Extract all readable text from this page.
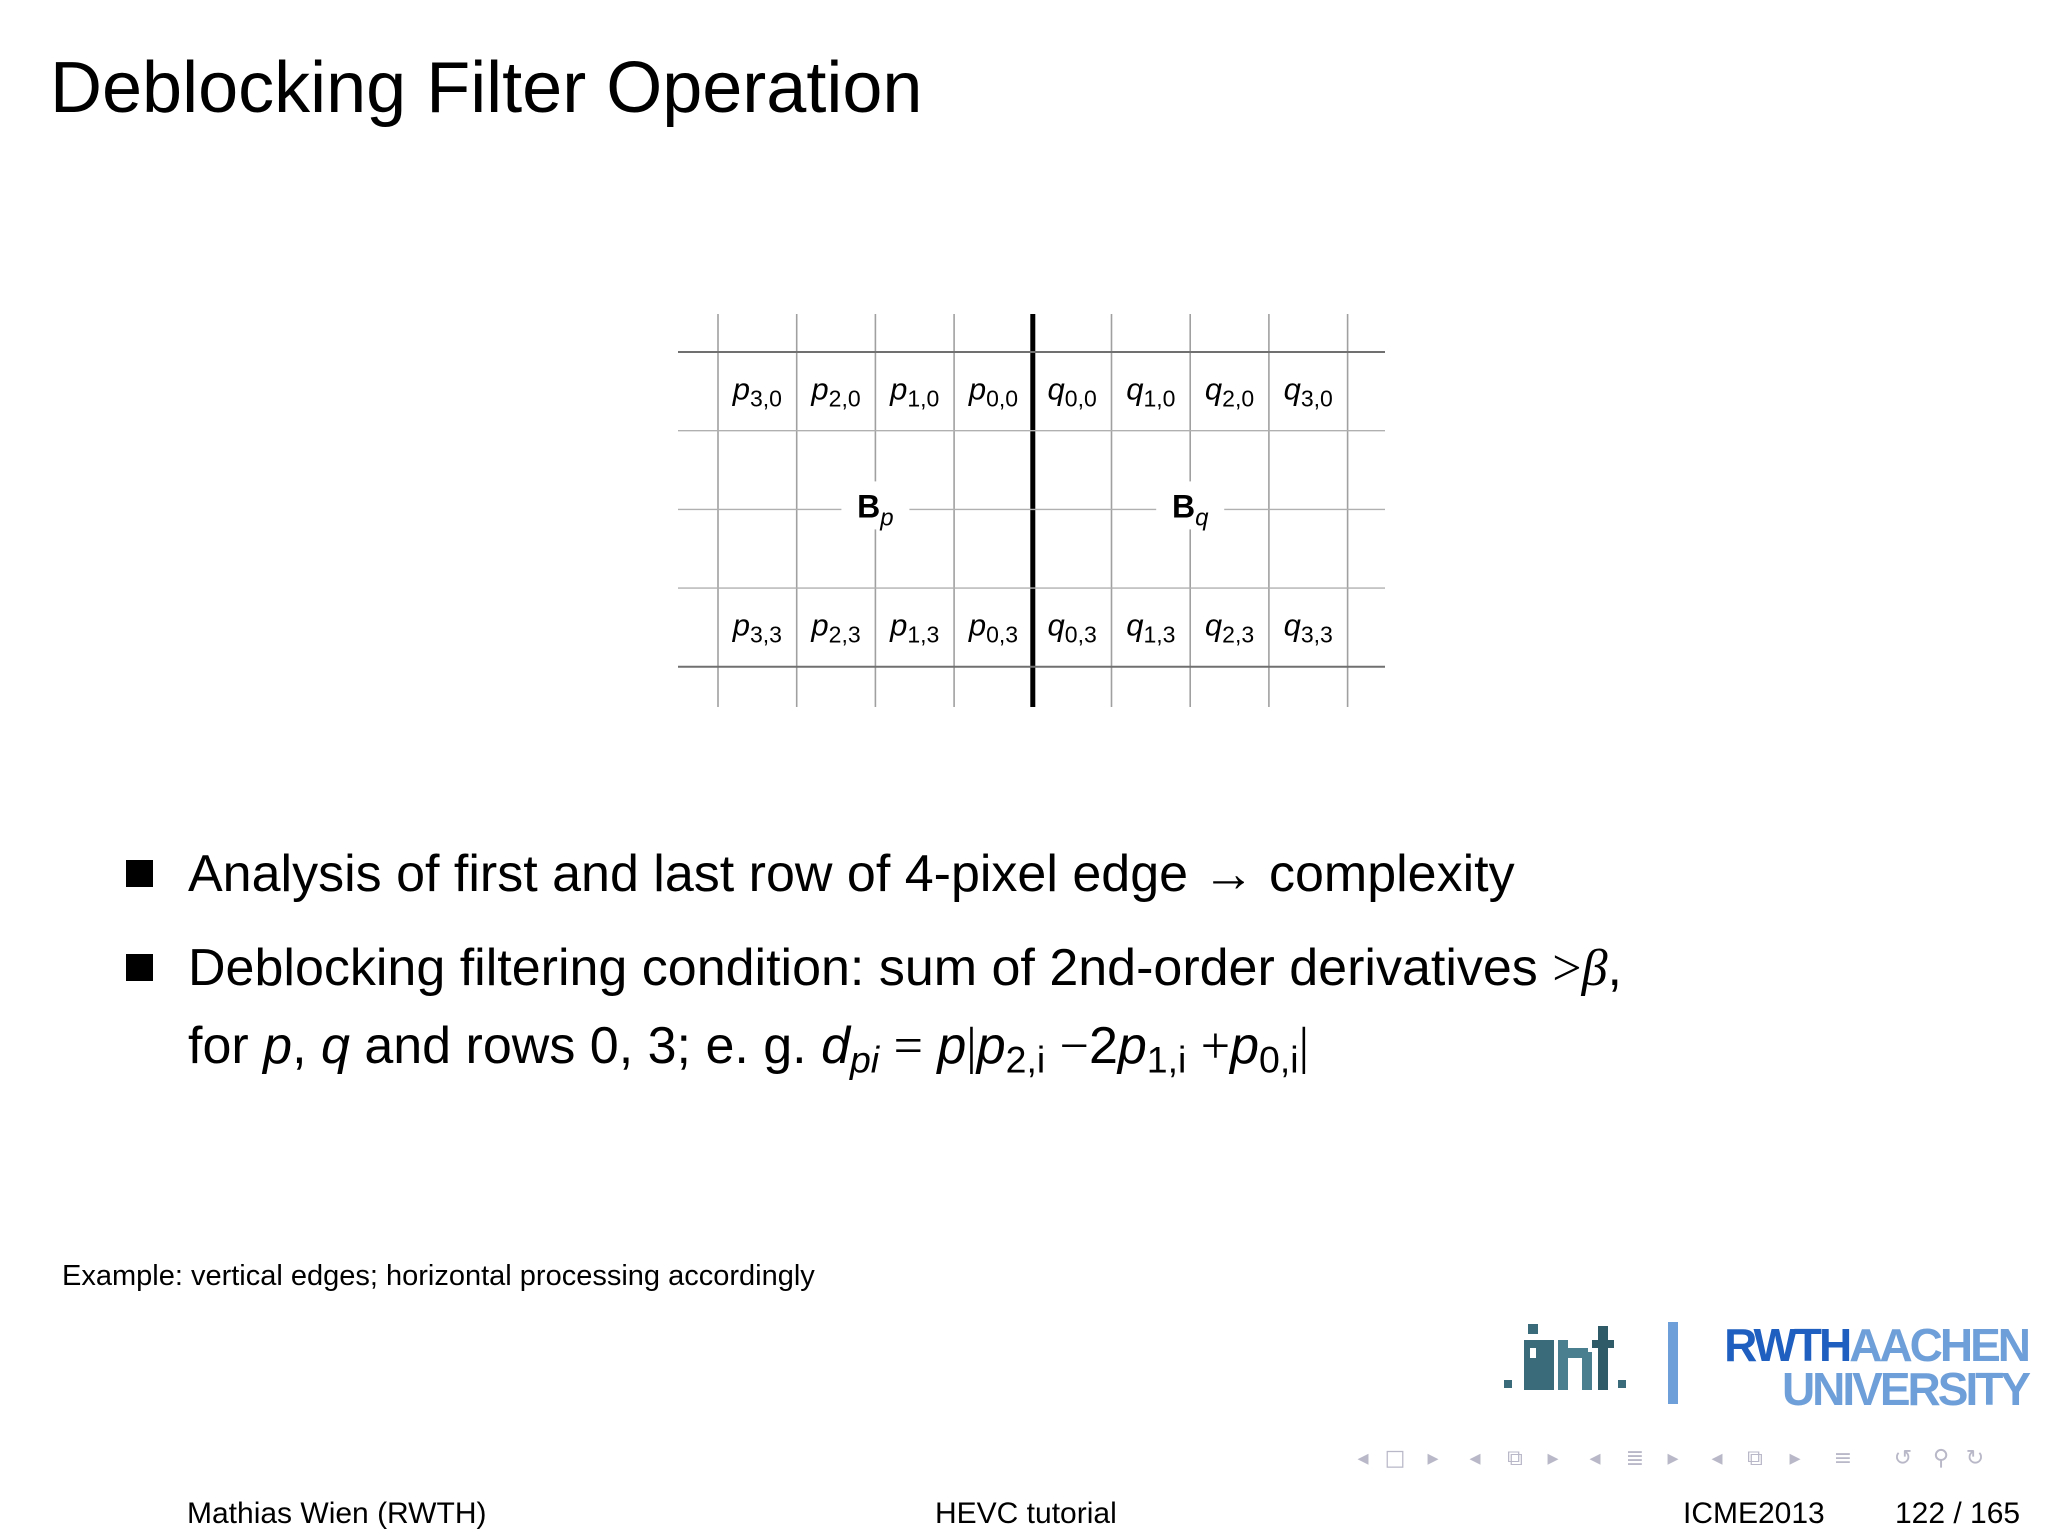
Deblocking Filter Operation
$p_{3,0}$ $p_{2,0}$ $p_{1,0}$ $p_{0,0}$ $q_{0,0}$ $q_{1,0}$ $q_{2,0}$ $q_{3,0}$
$p_{3,3}$ $p_{2,3}$ $p_{1,3}$ $p_{0,3}$ $q_{0,3}$ $q_{1,3}$ $q_{2,3}$ $q_{3,3}$
$B_p$	$B_q$
Analysis of first and last row of 4-pixel edge → complexity
Deblocking filtering condition: sum of 2nd-order derivatives >β,
for p, q and rows 0, 3; e. g. dpi = p|p2,i −2p1,i +p0,i|
Example: vertical edges; horizontal processing accordingly
.:ınt.
RWTHAACHEN
UNIVERSITY
◂ □	▸	◂	⧉	▸	◂	≣	▸	◂	⧉	▸	≡ ↺ ⚲ ↻
Mathias Wien (RWTH)	HEVC tutorial	ICME2013 122 / 165
